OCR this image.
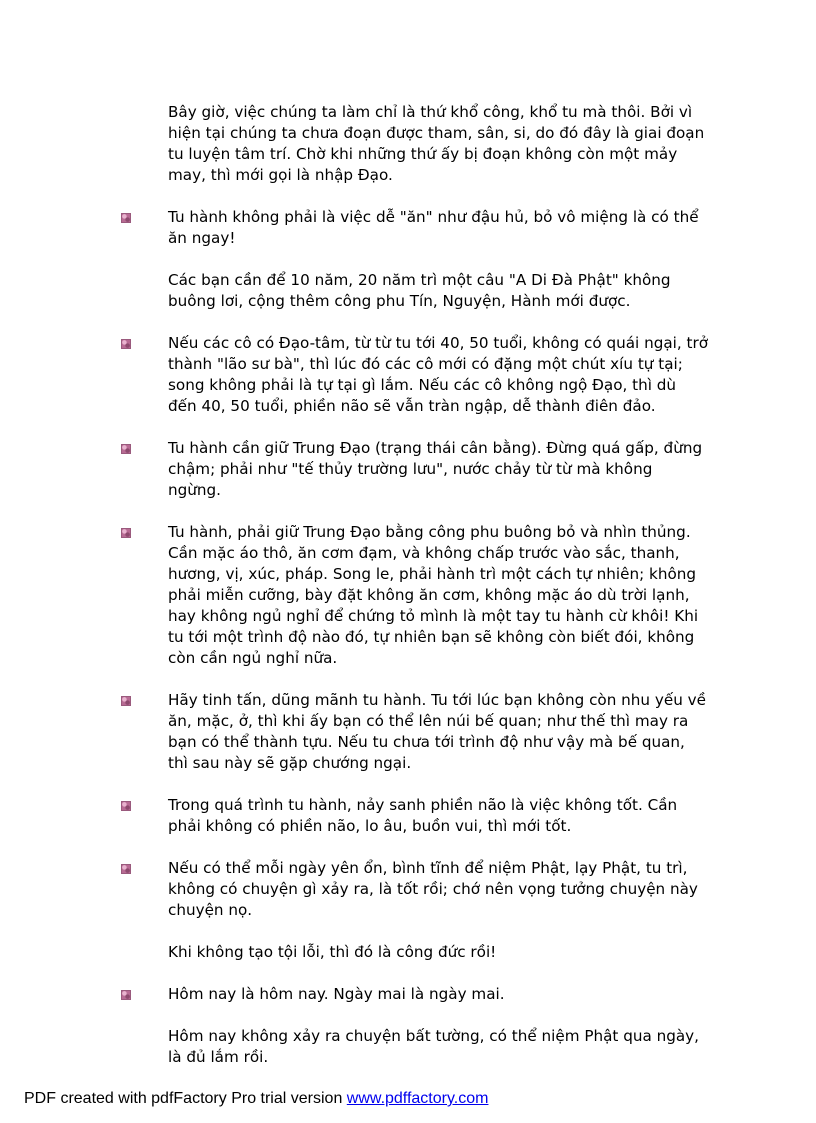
Bây giờ, việc chúng ta làm chỉ là thứ khổ công, khổ tu mà thôi. Bởi vì hiện tại chúng ta chưa đoạn được tham, sân, si, do đó đây là giai đoạn tu luyện tâm trí. Chờ khi những thứ ấy bị đoạn không còn một mảy may, thì mới gọi là nhập Đạo.

Tu hành không phải là việc dễ "ăn" như đậu hủ, bỏ vô miệng là có thể ăn ngay!

Các bạn cần để 10 năm, 20 năm trì một câu "A Di Đà Phật" không buông lơi, cộng thêm công phu Tín, Nguyện, Hành mới được.

Nếu các cô có Đạo-tâm, từ từ tu tới 40, 50 tuổi, không có quái ngại, trở thành "lão sư bà", thì lúc đó các cô mới có đặng một chút xíu tự tại; song không phải là tự tại gì lắm. Nếu các cô không ngộ Đạo, thì dù đến 40, 50 tuổi, phiền não sẽ vẫn tràn ngập, dễ thành điên đảo.

Tu hành cần giữ Trung Đạo (trạng thái cân bằng). Đừng quá gấp, đừng chậm; phải như "tế thủy trường lưu", nước chảy từ từ mà không ngừng.

Tu hành, phải giữ Trung Đạo bằng công phu buông bỏ và nhìn thủng. Cần mặc áo thô, ăn cơm đạm, và không chấp trước vào sắc, thanh, hương, vị, xúc, pháp. Song le, phải hành trì một cách tự nhiên; không phải miễn cưỡng, bày đặt không ăn cơm, không mặc áo dù trời lạnh, hay không ngủ nghỉ để chứng tỏ mình là một tay tu hành cừ khôi! Khi tu tới một trình độ nào đó, tự nhiên bạn sẽ không còn biết đói, không còn cần ngủ nghỉ nữa.

Hãy tinh tấn, dũng mãnh tu hành. Tu tới lúc bạn không còn nhu yếu về ăn, mặc, ở, thì khi ấy bạn có thể lên núi bế quan; như thế thì may ra bạn có thể thành tựu. Nếu tu chưa tới trình độ như vậy mà bế quan, thì sau này sẽ gặp chướng ngại.

Trong quá trình tu hành, nảy sanh phiền não là việc không tốt. Cần phải không có phiền não, lo âu, buồn vui, thì mới tốt.

Nếu có thể mỗi ngày yên ổn, bình tĩnh để niệm Phật, lạy Phật, tu trì, không có chuyện gì xảy ra, là tốt rồi; chớ nên vọng tưởng chuyện này chuyện nọ.

Khi không tạo tội lỗi, thì đó là công đức rồi!

Hôm nay là hôm nay. Ngày mai là ngày mai.

Hôm nay không xảy ra chuyện bất tường, có thể niệm Phật qua ngày, là đủ lắm rồi.

PDF created with pdfFactory Pro trial version www.pdffactory.com
